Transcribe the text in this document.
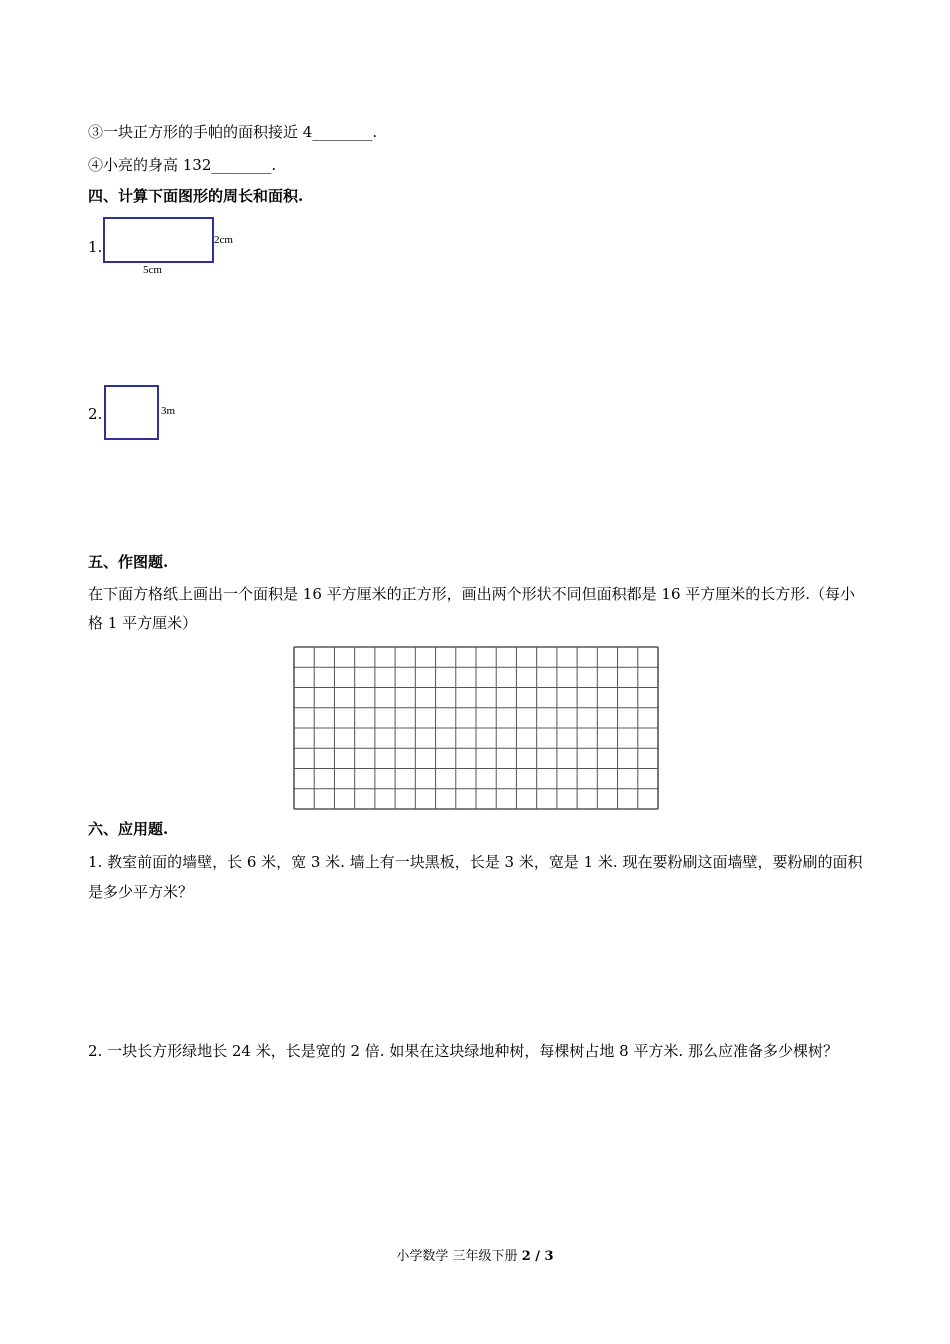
③一块正方形的手帕的面积接近 4________.
④小亮的身高 132________.
四、计算下面图形的周长和面积.
1.	2cm
5cm
2.	3m
五、作图题.
在下面方格纸上画出一个面积是 16 平方厘米的正方形，画出两个形状不同但面积都是 16 平方厘米的长方形.（每小格 1 平方厘米）
六、应用题.
1. 教室前面的墙壁，长 6 米，宽 3 米. 墙上有一块黑板，长是 3 米，宽是 1 米. 现在要粉刷这面墙壁，要粉刷的面积是多少平方米？
2. 一块长方形绿地长 24 米，长是宽的 2 倍. 如果在这块绿地种树，每棵树占地 8 平方米. 那么应准备多少棵树？
小学数学 三年级下册 2 / 3
